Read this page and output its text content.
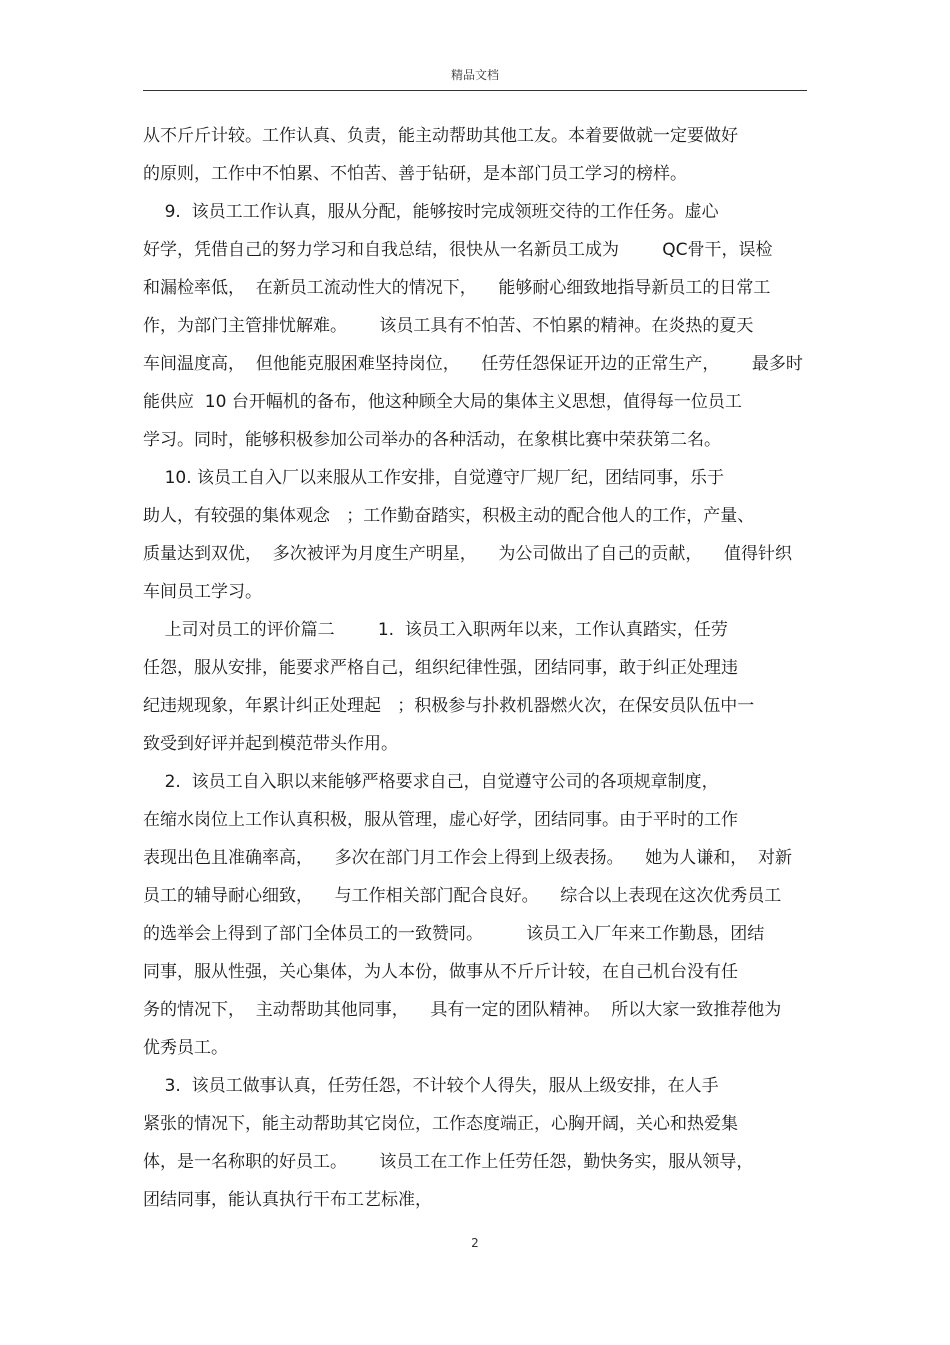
精品文档
从不斤斤计较。工作认真、负责，能主动帮助其他工友。本着要做就一定要做好
的原则，工作中不怕累、不怕苦、善于钻研，是本部门员工学习的榜样。
9.  该员工工作认真，服从分配，能够按时完成领班交待的工作任务。虚心
好学，凭借自己的努力学习和自我总结，很快从一名新员工成为        QC骨干，误检
和漏检率低，  在新员工流动性大的情况下，    能够耐心细致地指导新员工的日常工
作，为部门主管排忧解难。      该员工具有不怕苦、不怕累的精神。在炎热的夏天
车间温度高，  但他能克服困难坚持岗位，    任劳任怨保证开边的正常生产，      最多时
能供应  10 台开幅机的备布，他这种顾全大局的集体主义思想，值得每一位员工
学习。同时，能够积极参加公司举办的各种活动，在象棋比赛中荣获第二名。
10. 该员工自入厂以来服从工作安排，自觉遵守厂规厂纪，团结同事，乐于
助人，有较强的集体观念   ；工作勤奋踏实，积极主动的配合他人的工作，产量、
质量达到双优，  多次被评为月度生产明星，    为公司做出了自己的贡献，    值得针织
车间员工学习。
上司对员工的评价篇二        1.  该员工入职两年以来，工作认真踏实，任劳
任怨，服从安排，能要求严格自己，组织纪律性强，团结同事，敢于纠正处理违
纪违规现象，年累计纠正处理起   ；积极参与扑救机器燃火次，在保安员队伍中一
致受到好评并起到模范带头作用。
2.  该员工自入职以来能够严格要求自己，自觉遵守公司的各项规章制度，
在缩水岗位上工作认真积极，服从管理，虚心好学，团结同事。由于平时的工作
表现出色且准确率高，    多次在部门月工作会上得到上级表扬。    她为人谦和，  对新
员工的辅导耐心细致，    与工作相关部门配合良好。    综合以上表现在这次优秀员工
的选举会上得到了部门全体员工的一致赞同。        该员工入厂年来工作勤恳，团结
同事，服从性强，关心集体，为人本份，做事从不斤斤计较，在自己机台没有任
务的情况下，  主动帮助其他同事，    具有一定的团队精神。  所以大家一致推荐他为
优秀员工。
3.  该员工做事认真，任劳任怨，不计较个人得失，服从上级安排，在人手
紧张的情况下，能主动帮助其它岗位，工作态度端正，心胸开阔，关心和热爱集
体，是一名称职的好员工。      该员工在工作上任劳任怨，勤快务实，服从领导，
团结同事，能认真执行干布工艺标准，
2
